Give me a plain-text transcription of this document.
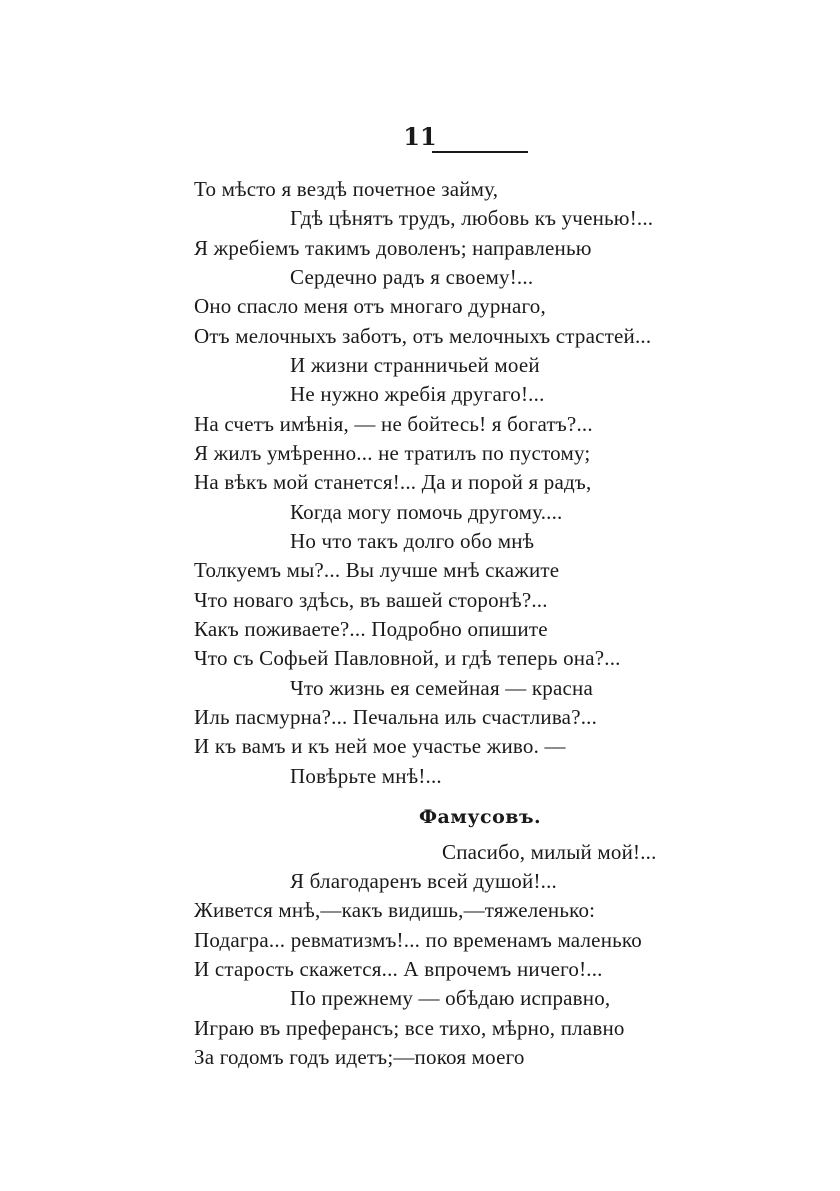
11
То мѣсто я вездѣ почетное займу,
Гдѣ цѣнятъ трудъ, любовь къ ученью!...
Я жребіемъ такимъ доволенъ; направленью
Сердечно радъ я своему!...
Оно спасло меня отъ многаго дурнаго,
Отъ мелочныхъ заботъ, отъ мелочныхъ страстей...
И жизни странничьей моей
Не нужно жребія другаго!...
На счетъ имѣнія, — не бойтесь! я богатъ?...
Я жилъ умѣренно... не тратилъ по пустому;
На вѣкъ мой станется!... Да и порой я радъ,
Когда могу помочь другому....
Но что такъ долго обо мнѣ
Толкуемъ мы?... Вы лучше мнѣ скажите
Что новаго здѣсь, въ вашей сторонѣ?...
Какъ поживаете?... Подробно опишите
Что съ Софьей Павловной, и гдѣ теперь она?...
Что жизнь ея семейная — красна
Иль пасмурна?... Печальна иль счастлива?...
И къ вамъ и къ ней мое участье живо. —
Повѣрьте мнѣ!...
Фамусовъ.
Спасибо, милый мой!...
Я благодаренъ всей душой!...
Живется мнѣ,—какъ видишь,—тяжеленько:
Подагра... ревматизмъ!... по временамъ маленько
И старость скажется... А впрочемъ ничего!...
По прежнему — обѣдаю исправно,
Играю въ преферансъ; все тихо, мѣрно, плавно
За годомъ годъ идетъ;—покоя моего
